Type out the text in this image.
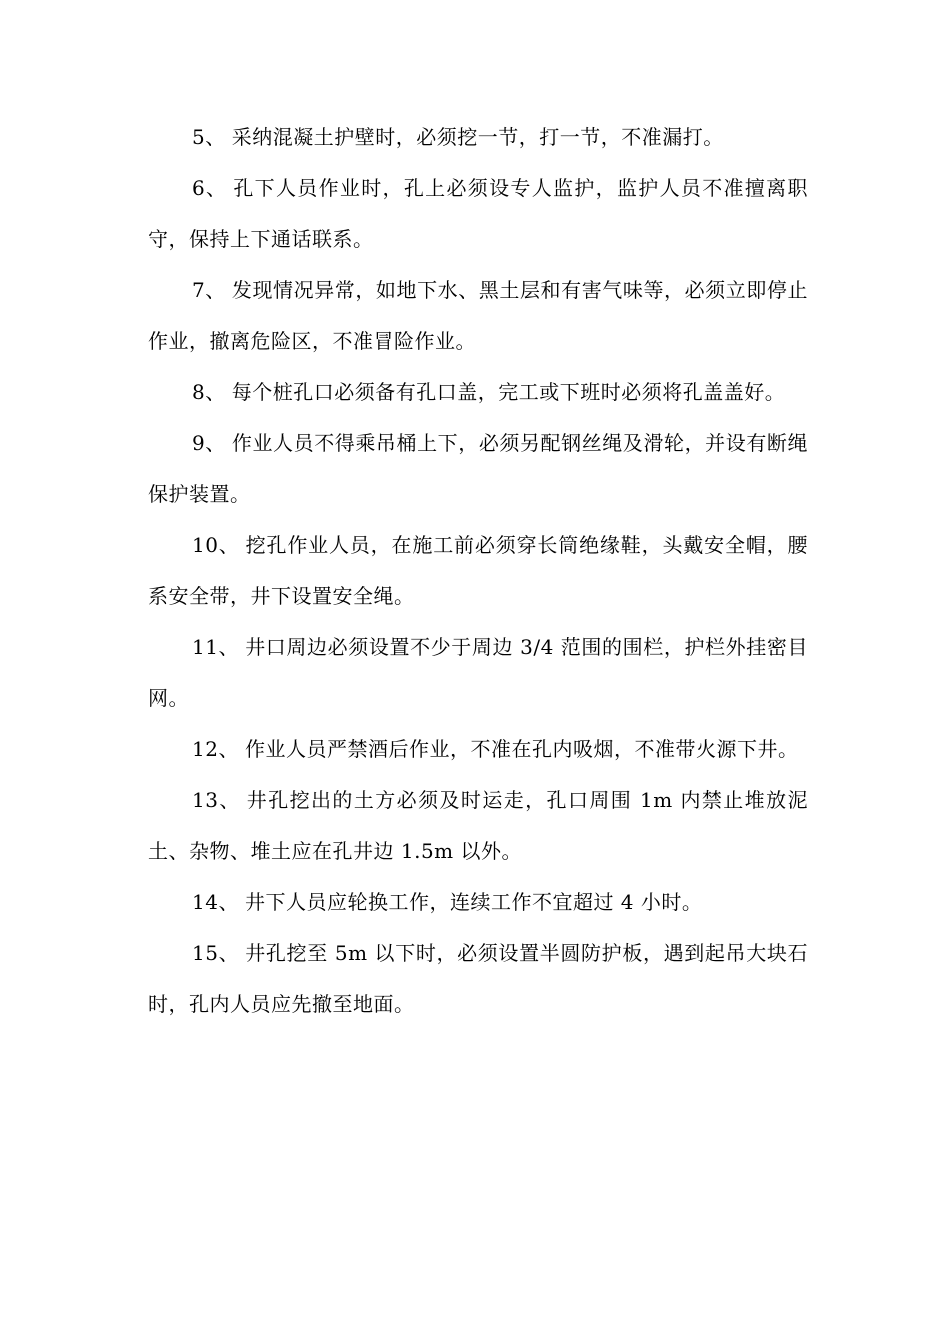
5、 采纳混凝土护壁时，必须挖一节，打一节，不准漏打。

6、 孔下人员作业时，孔上必须设专人监护，监护人员不准擅离职守，保持上下通话联系。

7、 发现情况异常，如地下水、黑土层和有害气味等，必须立即停止作业，撤离危险区，不准冒险作业。

8、 每个桩孔口必须备有孔口盖，完工或下班时必须将孔盖盖好。

9、 作业人员不得乘吊桶上下，必须另配钢丝绳及滑轮，并设有断绳保护装置。

10、 挖孔作业人员，在施工前必须穿长筒绝缘鞋，头戴安全帽，腰系安全带，井下设置安全绳。

11、 井口周边必须设置不少于周边 3/4 范围的围栏，护栏外挂密目网。

12、 作业人员严禁酒后作业，不准在孔内吸烟，不准带火源下井。

13、 井孔挖出的土方必须及时运走，孔口周围 1m 内禁止堆放泥土、杂物、堆土应在孔井边 1.5m 以外。

14、 井下人员应轮换工作，连续工作不宜超过 4 小时。

15、 井孔挖至 5m 以下时，必须设置半圆防护板，遇到起吊大块石时，孔内人员应先撤至地面。
